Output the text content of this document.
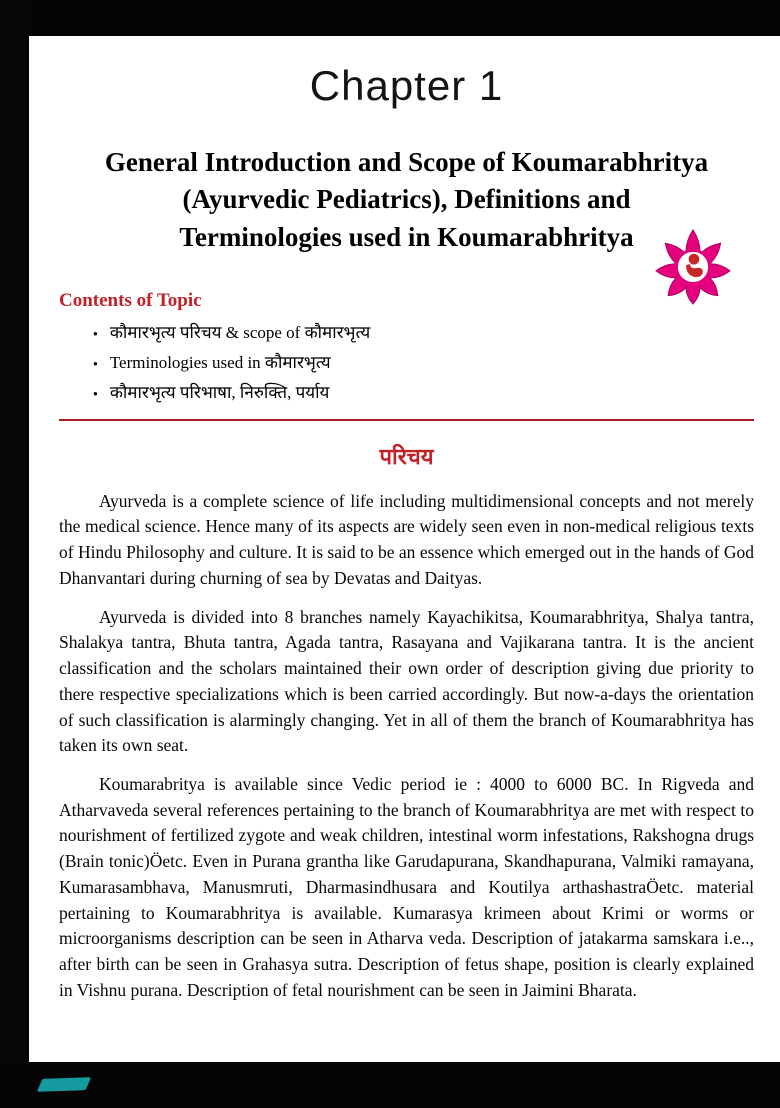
Chapter 1
General Introduction and Scope of Koumarabhritya
(Ayurvedic Pediatrics), Definitions and
Terminologies used in Koumarabhritya
Contents of Topic
● कौमारभृत्य परिचय & scope of कौमारभृत्य
● Terminologies used in कौमारभृत्य
● कौमारभृत्य परिभाषा, निरुक्ति, पर्याय
परिचय

Ayurveda is a complete science of life including multidimensional concepts and not merely the medical science. Hence many of its aspects are widely seen even in non-medical religious texts of Hindu Philosophy and culture. It is said to be an essence which emerged out in the hands of God Dhanvantari during churning of sea by Devatas and Daityas.

Ayurveda is divided into 8 branches namely Kayachikitsa, Koumarabhritya, Shalya tantra, Shalakya tantra, Bhuta tantra, Agada tantra, Rasayana and Vajikarana tantra. It is the ancient classification and the scholars maintained their own order of description giving due priority to there respective specializations which is been carried accordingly. But now-a-days the orientation of such classification is alarmingly changing. Yet in all of them the branch of Koumarabhritya has taken its own seat.

Koumarabritya is available since Vedic period ie : 4000 to 6000 BC. In Rigveda and Atharvaveda several references pertaining to the branch of Koumarabhritya are met with respect to nourishment of fertilized zygote and weak children, intestinal worm infestations, Rakshogna drugs (Brain tonic)Öetc. Even in Purana grantha like Garudapurana, Skandhapurana, Valmiki ramayana, Kumarasambhava, Manusmruti, Dharmasindhusara and Koutilya arthashastraÖetc. material pertaining to Koumarabhritya is available. Kumarasya krimeen about Krimi or worms or microorganisms description can be seen in Atharva veda. Description of jatakarma samskara i.e.., after birth can be seen in Grahasya sutra. Description of fetus shape, position is clearly explained in Vishnu purana. Description of fetal nourishment can be seen in Jaimini Bharata.
